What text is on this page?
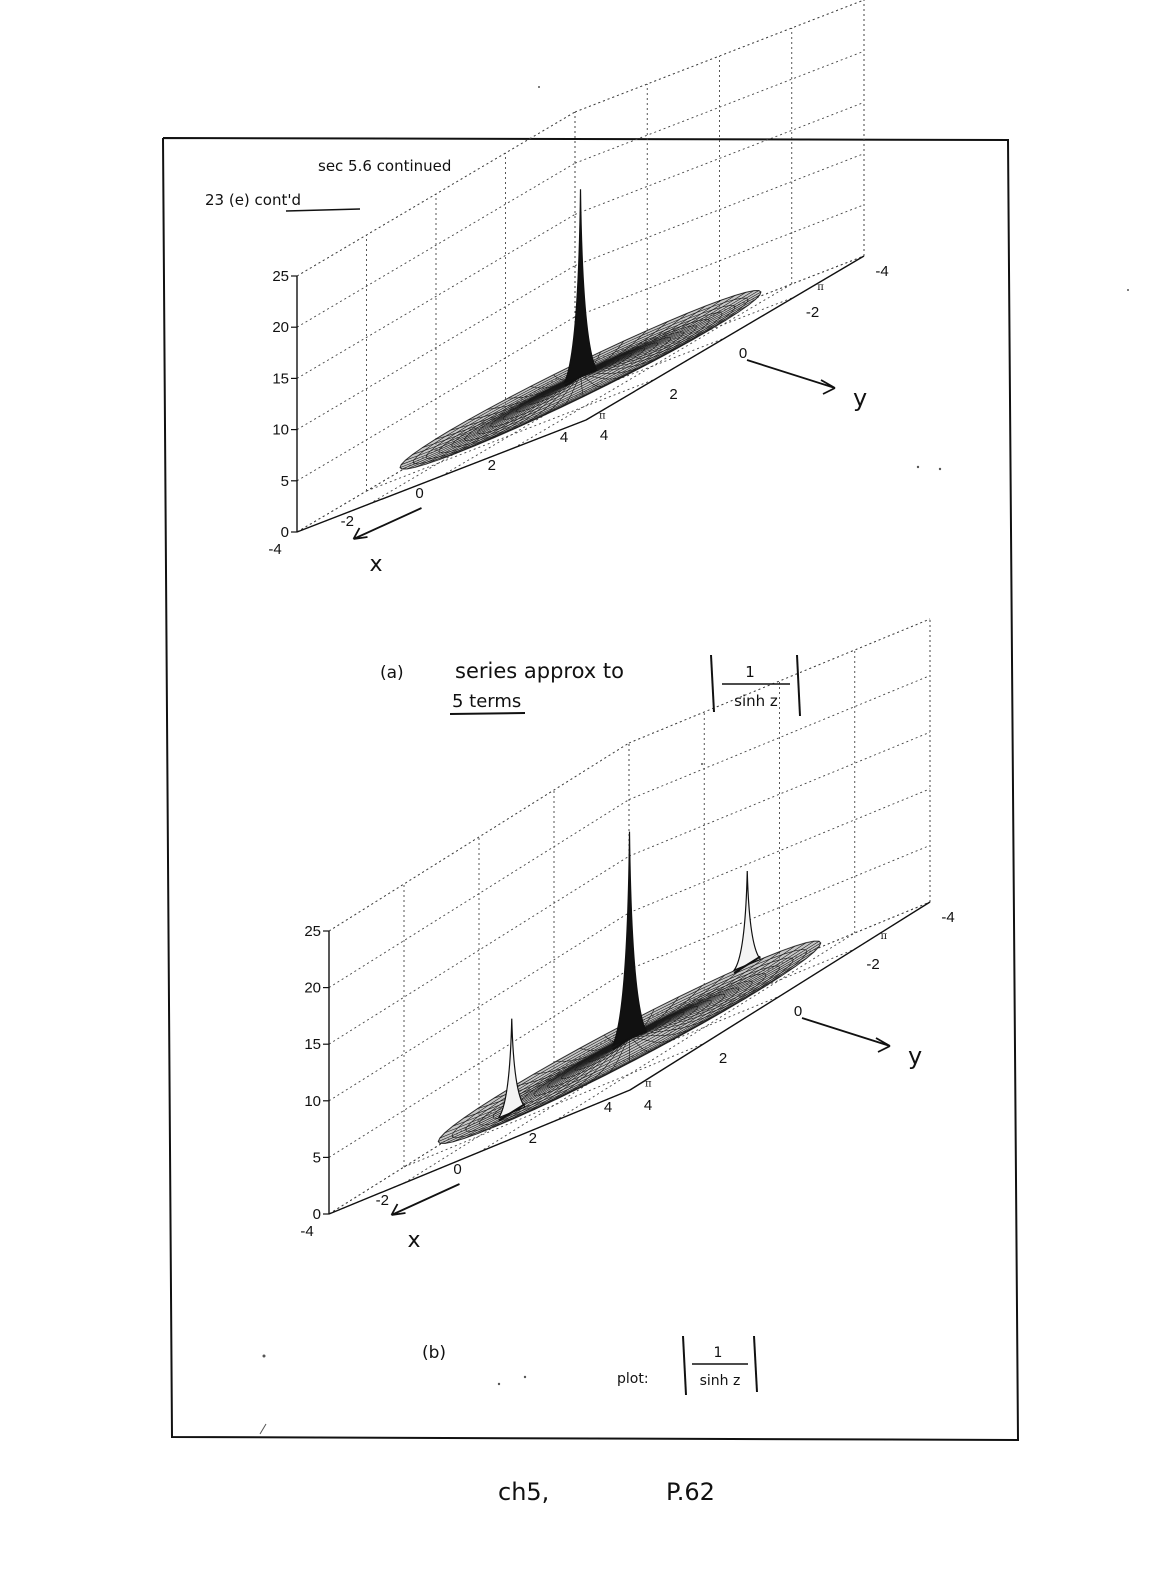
sec 5.6 continued
23 (e) cont'd
0
5
10
15
20
25
-4
-2
0
2
4 4
2
0
-2
-4
x
y
π
π
0
5
10
15
20
25
-4
-2
0
2
4 4
2
0
-2
-4
x
y
π
π
(a) series approx to
5 terms
1
sinh z
(b)
plot:
1
sinh z
ch5,	P.62
